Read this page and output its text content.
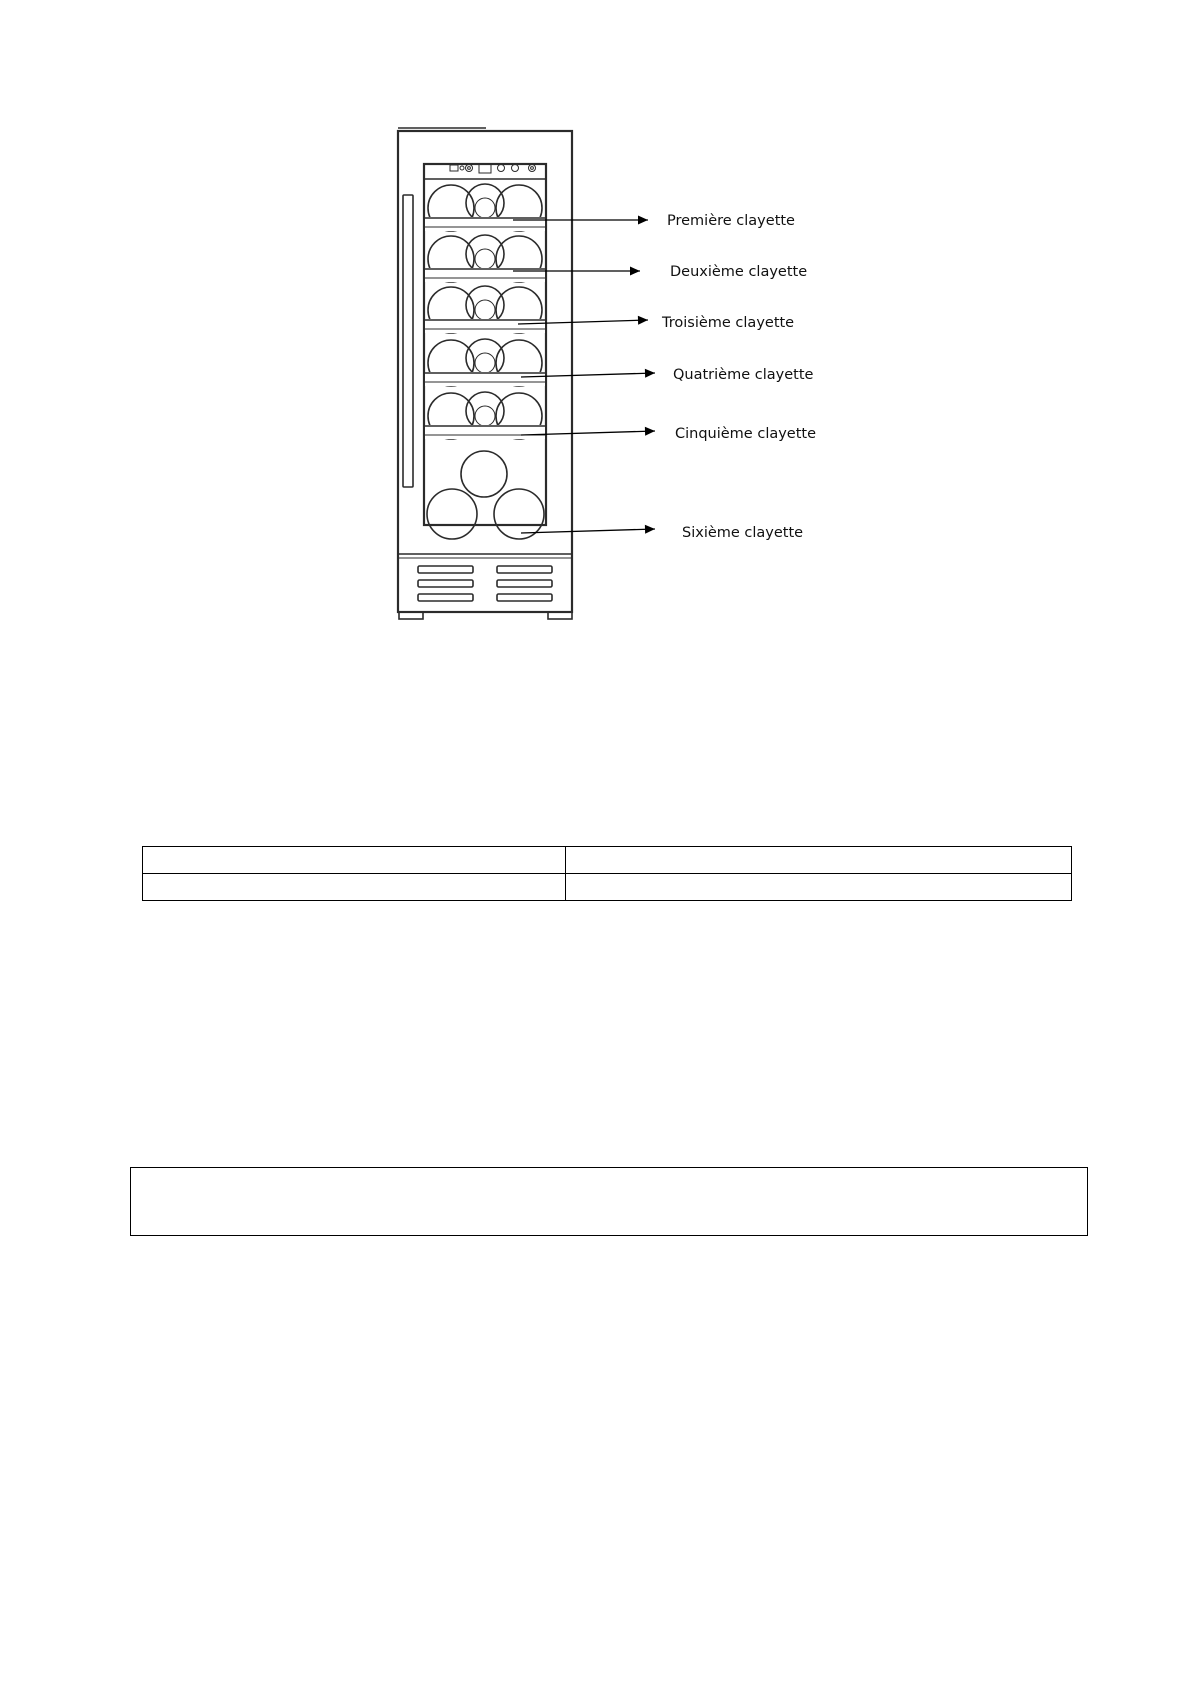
Première clayette
Deuxième clayette
Troisième clayette
Quatrième clayette
Cinquième clayette
Sixième clayette
